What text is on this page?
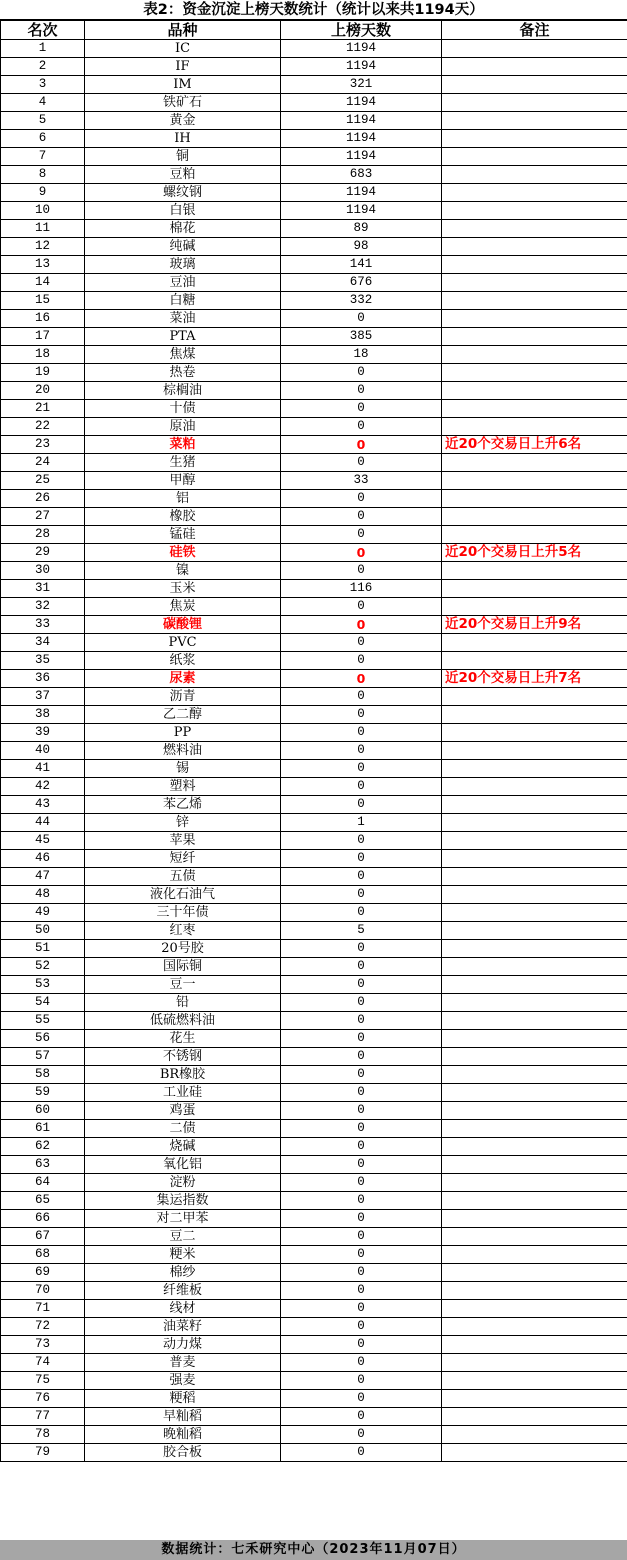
表2：资金沉淀上榜天数统计（统计以来共1194天）
名次	品种	上榜天数	备注
1	IC	1194	
2	IF	1194	
3	IM	321	
4	铁矿石	1194	
5	黄金	1194	
6	IH	1194	
7	铜	1194	
8	豆粕	683	
9	螺纹钢	1194	
10	白银	1194	
11	棉花	89	
12	纯碱	98	
13	玻璃	141	
14	豆油	676	
15	白糖	332	
16	菜油	0	
17	PTA	385	
18	焦煤	18	
19	热卷	0	
20	棕榈油	0	
21	十债	0	
22	原油	0	
23	菜粕	0	近20个交易日上升6名
24	生猪	0	
25	甲醇	33	
26	铝	0	
27	橡胶	0	
28	锰硅	0	
29	硅铁	0	近20个交易日上升5名
30	镍	0	
31	玉米	116	
32	焦炭	0	
33	碳酸锂	0	近20个交易日上升9名
34	PVC	0	
35	纸浆	0	
36	尿素	0	近20个交易日上升7名
37	沥青	0	
38	乙二醇	0	
39	PP	0	
40	燃料油	0	
41	锡	0	
42	塑料	0	
43	苯乙烯	0	
44	锌	1	
45	苹果	0	
46	短纤	0	
47	五债	0	
48	液化石油气	0	
49	三十年债	0	
50	红枣	5	
51	20号胶	0	
52	国际铜	0	
53	豆一	0	
54	铅	0	
55	低硫燃料油	0	
56	花生	0	
57	不锈钢	0	
58	BR橡胶	0	
59	工业硅	0	
60	鸡蛋	0	
61	二债	0	
62	烧碱	0	
63	氧化铝	0	
64	淀粉	0	
65	集运指数	0	
66	对二甲苯	0	
67	豆二	0	
68	粳米	0	
69	棉纱	0	
70	纤维板	0	
71	线材	0	
72	油菜籽	0	
73	动力煤	0	
74	普麦	0	
75	强麦	0	
76	粳稻	0	
77	早籼稻	0	
78	晚籼稻	0	
79	胶合板	0	
数据统计：七禾研究中心（2023年11月07日）
